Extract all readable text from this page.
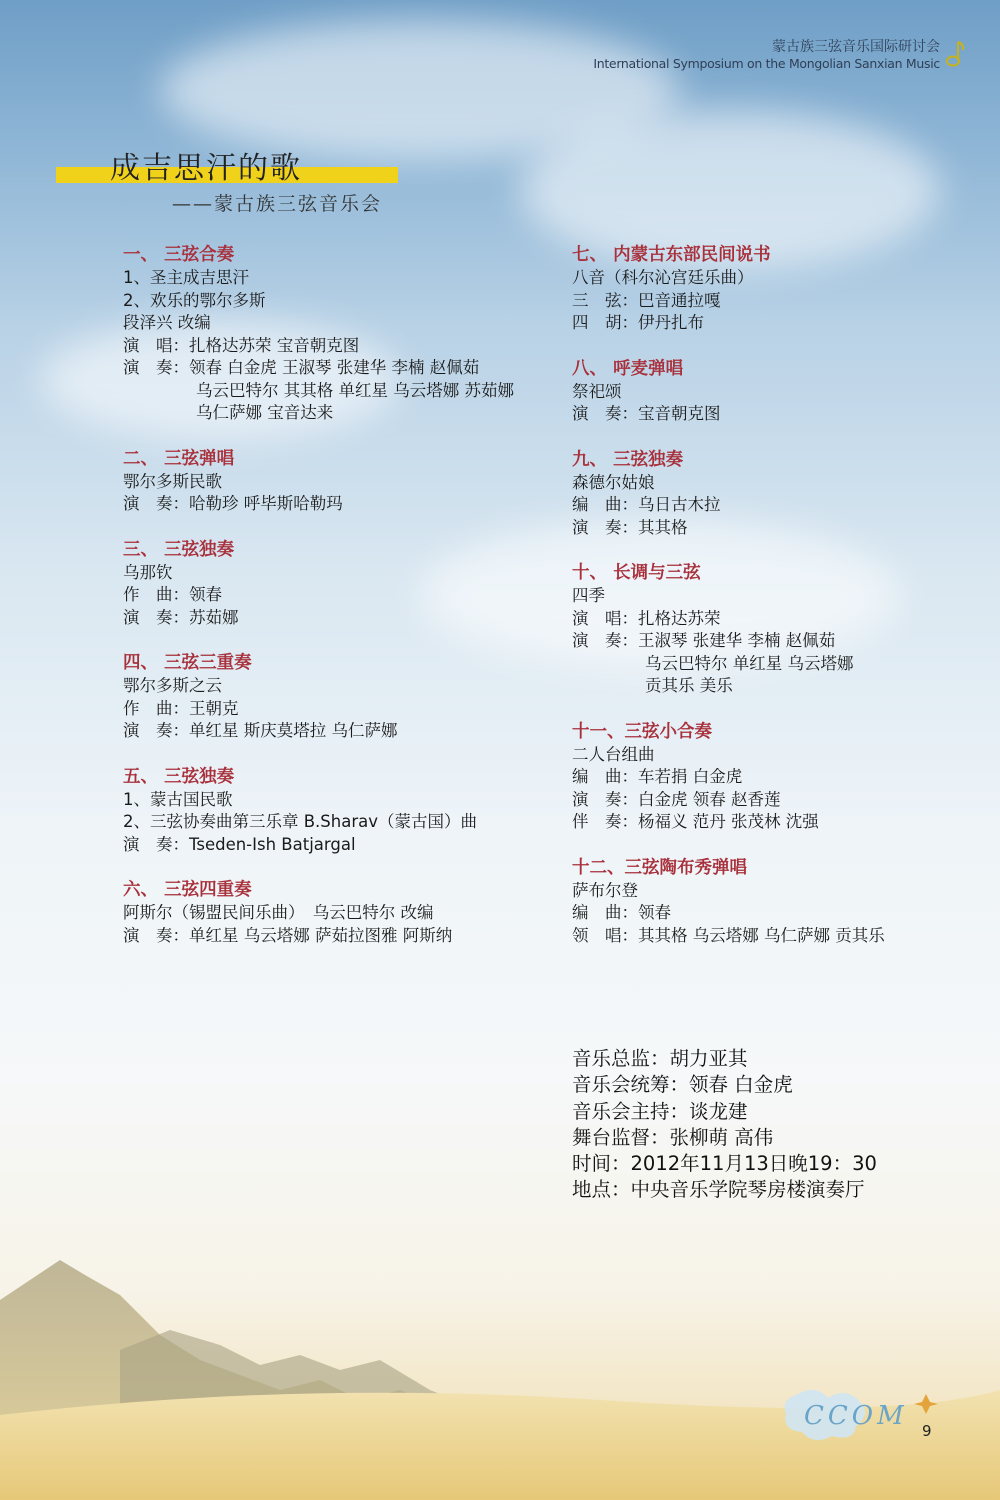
蒙古族三弦音乐国际研讨会
International Symposium on the Mongolian Sanxian Music
成吉思汗的歌
——蒙古族三弦音乐会
一、 三弦合奏
1、圣主成吉思汗
2、欢乐的鄂尔多斯
段泽兴 改编
演　唱：扎格达苏荣 宝音朝克图
演　奏：领春 白金虎 王淑琴 张建华 李楠 赵佩茹
乌云巴特尔 其其格 单红星 乌云塔娜 苏茹娜
乌仁萨娜 宝音达来
二、 三弦弹唱
鄂尔多斯民歌
演　奏：哈勒珍 呼毕斯哈勒玛
三、 三弦独奏
乌那钦
作　曲：领春
演　奏：苏茹娜
四、 三弦三重奏
鄂尔多斯之云
作　曲：王朝克
演　奏：单红星 斯庆莫塔拉 乌仁萨娜
五、 三弦独奏
1、蒙古国民歌
2、三弦协奏曲第三乐章 B.Sharav（蒙古国）曲
演　奏：Tseden-Ish Batjargal
六、 三弦四重奏
阿斯尔（锡盟民间乐曲）　乌云巴特尔 改编
演　奏：单红星 乌云塔娜 萨茹拉图雅 阿斯纳
七、 内蒙古东部民间说书
八音（科尔沁宫廷乐曲）
三　弦：巴音通拉嘎
四　胡：伊丹扎布
八、 呼麦弹唱
祭祀颂
演　奏：宝音朝克图
九、 三弦独奏
森德尔姑娘
编　曲：乌日古木拉
演　奏：其其格
十、 长调与三弦
四季
演　唱：扎格达苏荣
演　奏：王淑琴 张建华 李楠 赵佩茹
乌云巴特尔 单红星 乌云塔娜
贡其乐 美乐
十一、三弦小合奏
二人台组曲
编　曲：车若捐 白金虎
演　奏：白金虎 领春 赵香莲
伴　奏：杨福义 范丹 张茂林 沈强
十二、三弦陶布秀弹唱
萨布尔登
编　曲：领春
领　唱：其其格 乌云塔娜 乌仁萨娜 贡其乐
音乐总监：胡力亚其
音乐会统筹：领春 白金虎
音乐会主持：谈龙建
舞台监督：张柳萌 高伟
时间：2012年11月13日晚19：30
地点：中央音乐学院琴房楼演奏厅
CCOM 9
